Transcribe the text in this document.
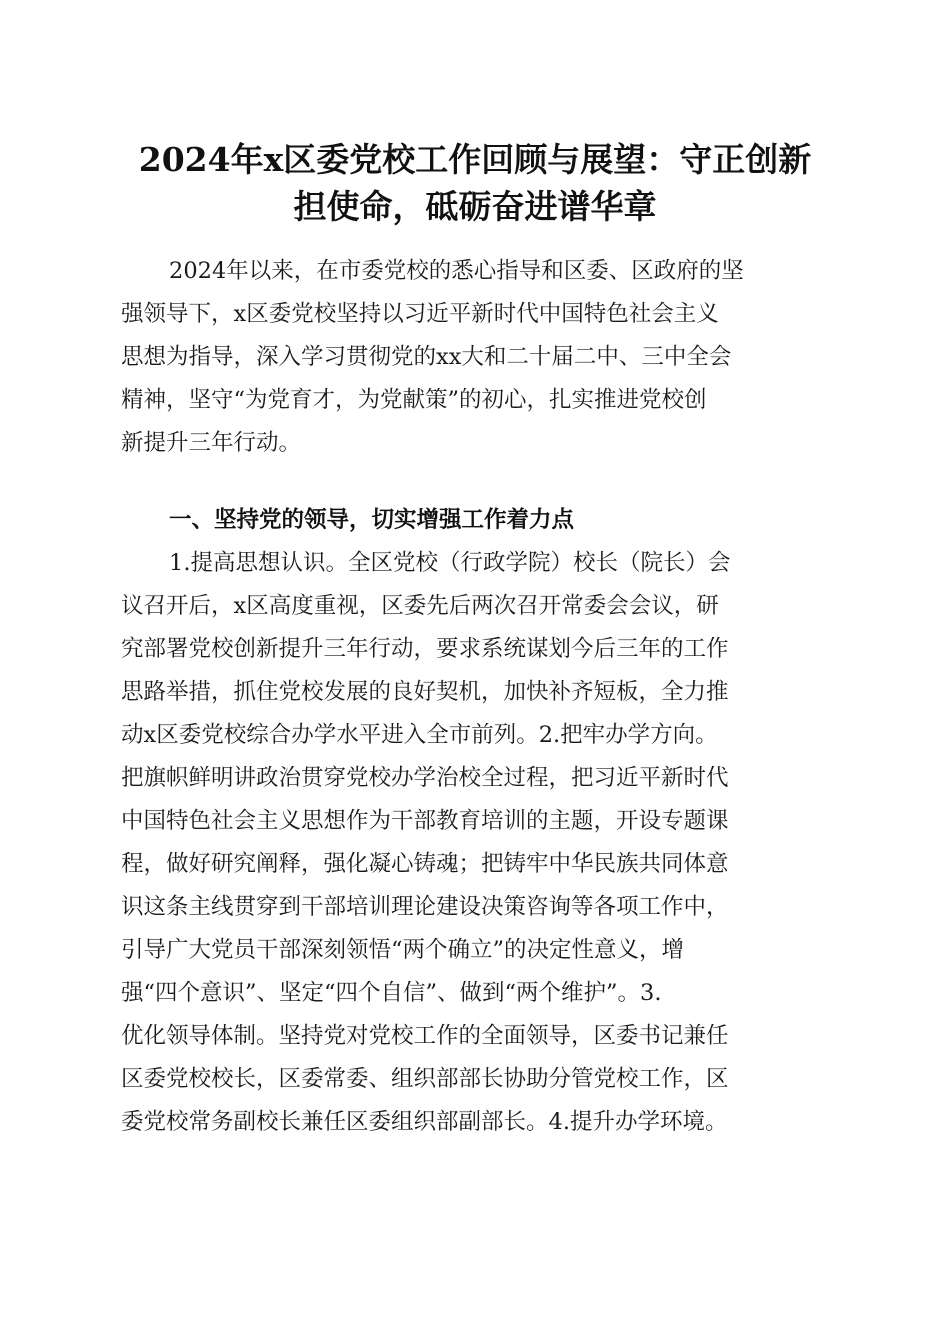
2024年x区委党校工作回顾与展望：守正创新
担使命，砥砺奋进谱华章
2024年以来，在市委党校的悉心指导和区委、区政府的坚
强领导下，x区委党校坚持以习近平新时代中国特色社会主义
思想为指导，深入学习贯彻党的xx大和二十届二中、三中全会
精神，坚守“为党育才，为党献策”的初心，扎实推进党校创
新提升三年行动。
一、坚持党的领导，切实增强工作着力点
1.提高思想认识。全区党校（行政学院）校长（院长）会
议召开后，x区高度重视，区委先后两次召开常委会会议，研
究部署党校创新提升三年行动，要求系统谋划今后三年的工作
思路举措，抓住党校发展的良好契机，加快补齐短板，全力推
动x区委党校综合办学水平进入全市前列。2.把牢办学方向。
把旗帜鲜明讲政治贯穿党校办学治校全过程，把习近平新时代
中国特色社会主义思想作为干部教育培训的主题，开设专题课
程，做好研究阐释，强化凝心铸魂；把铸牢中华民族共同体意
识这条主线贯穿到干部培训理论建设决策咨询等各项工作中，
引导广大党员干部深刻领悟“两个确立”的决定性意义，增
强“四个意识”、坚定“四个自信”、做到“两个维护”。3.
优化领导体制。坚持党对党校工作的全面领导，区委书记兼任
区委党校校长，区委常委、组织部部长协助分管党校工作，区
委党校常务副校长兼任区委组织部副部长。4.提升办学环境。
